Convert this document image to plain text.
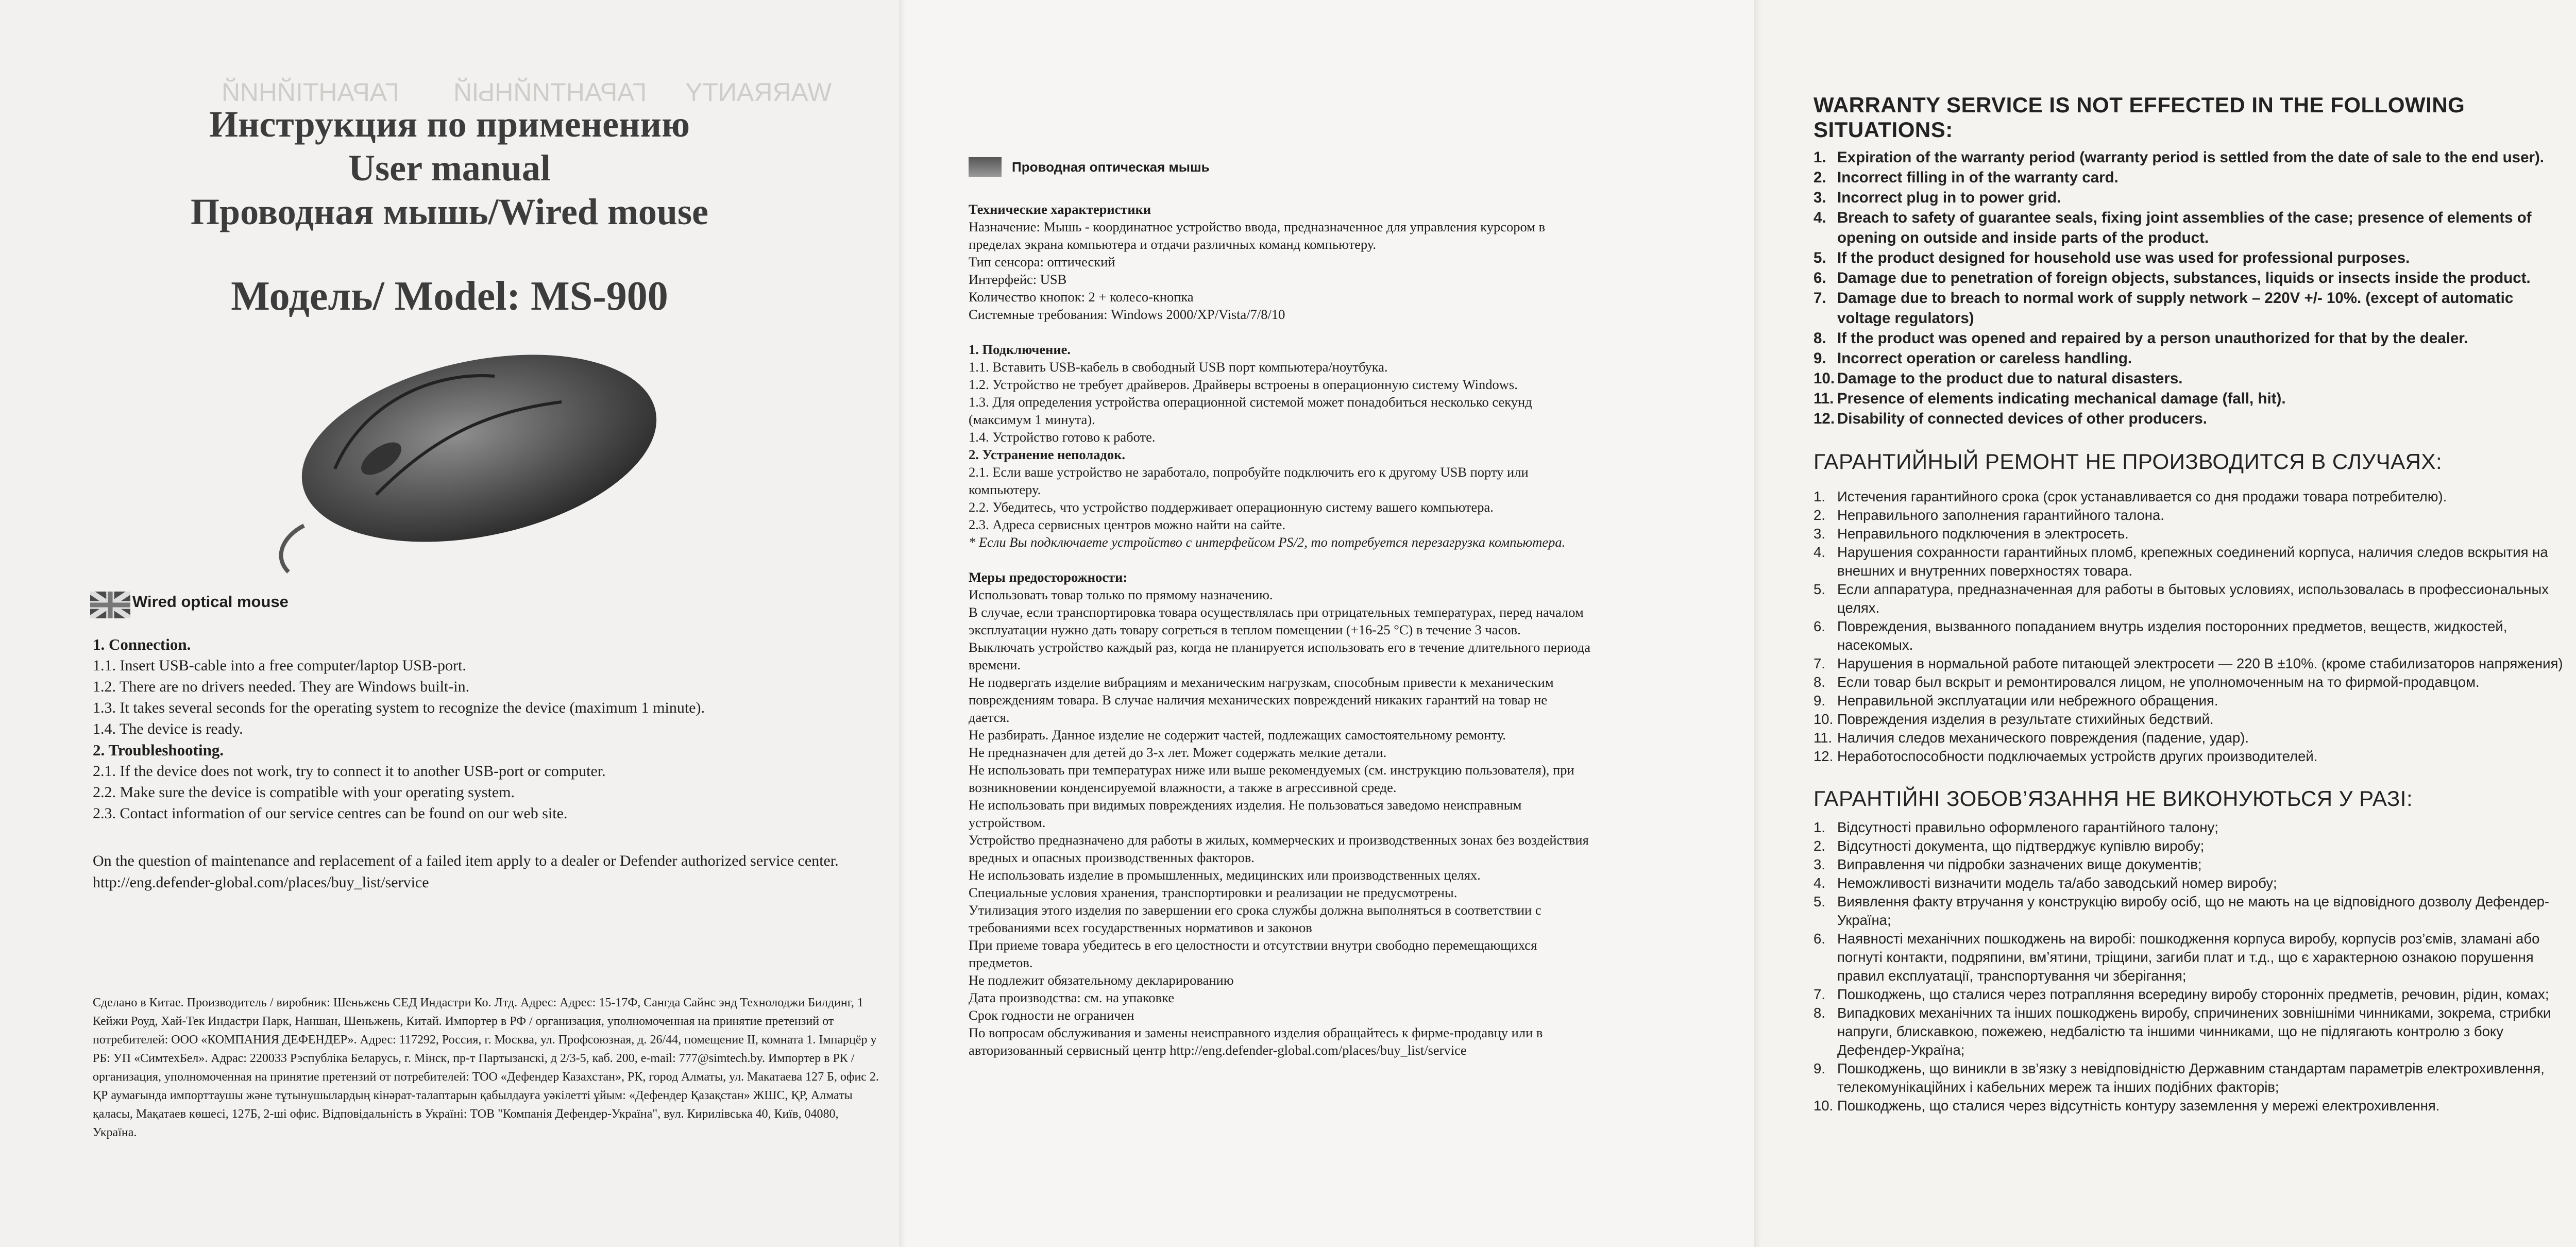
WARRANTY
ГАРАНТИЙНЫЙ
ГАРАНТІЙНИЙ
Инструкция по применению
User manual
Проводная мышь/Wired mouse
Модель/ Model: MS-900
Wired optical mouse
1. Connection.
1.1. Insert USB-cable into a free computer/laptop USB-port.
1.2. There are no drivers needed. They are Windows built-in.
1.3. It takes several seconds for the operating system to recognize the device (maximum 1 minute).
1.4. The device is ready.
2. Troubleshooting.
2.1. If the device does not work, try to connect it to another USB-port or computer.
2.2. Make sure the device is compatible with your operating system.
2.3. Contact information of our service centres can be found on our web site.
On the question of maintenance and replacement of a failed item apply to a dealer or Defender authorized service center. http://eng.defender-global.com/places/buy_list/service
Сделано в Китае. Производитель / виробник: Шеньжень СЕД Индастри Ко. Лтд. Адрес: Адрес: 15-17Ф, Сангда Сайнс энд Технолоджи Билдинг, 1 Кейжи Роуд, Хай-Тек Индастри Парк, Наншан, Шеньжень, Китай. Импортер в РФ / организация, уполномоченная на принятие претензий от потребителей: ООО «КОМПАНИЯ ДЕФЕНДЕР». Адрес: 117292, Россия, г. Москва, ул. Профсоюзная, д. 26/44, помещение II, комната 1. Імпарцёр у РБ: УП «СимтехБел». Адрас: 220033 Рэспубліка Беларусь, г. Мінск, пр-т Партызанскі, д 2/3-5, каб. 200, e-mail: 777@simtech.by. Импортер в РК / организация, уполномоченная на принятие претензий от потребителей: ТОО «Дефендер Казахстан», РК, город Алматы, ул. Макатаева 127 Б, офис 2. ҚР аумағында импорттаушы және тұтынушылардың кінәрат-талаптарын қабылдауға уәкілетті ұйым: «Дефендер Қазақстан» ЖШС, ҚР, Алматы қаласы, Мақатаев көшесі, 127Б, 2-ші офис. Відповідальність в Україні: ТОВ "Компанія Дефендер-Україна", вул. Кирилівська 40, Київ, 04080, Україна.
Проводная оптическая мышь
Технические характеристики
Назначение: Мышь - координатное устройство ввода, предназначенное для управления курсором в
пределах экрана компьютера и отдачи различных команд компьютеру.
Тип сенсора: оптический
Интерфейс: USB
Количество кнопок: 2 + колесо-кнопка
Системные требования: Windows 2000/XP/Vista/7/8/10
1. Подключение.
1.1. Вставить USB-кабель в свободный USB порт компьютера/ноутбука.
1.2. Устройство не требует драйверов. Драйверы встроены в операционную систему Windows.
1.3. Для определения устройства операционной системой может понадобиться несколько секунд
(максимум 1 минута).
1.4. Устройство готово к работе.
2. Устранение неполадок.
2.1. Если ваше устройство не заработало, попробуйте подключить его к другому USB порту или
компьютеру.
2.2. Убедитесь, что устройство поддерживает операционную систему вашего компьютера.
2.3. Адреса сервисных центров можно найти на сайте.
* Если Вы подключаете устройство с интерфейсом PS/2, то потребуется перезагрузка компьютера.
Меры предосторожности:
Использовать товар только по прямому назначению.
В случае, если транспортировка товара осуществлялась при отрицательных температурах, перед началом
эксплуатации нужно дать товару согреться в теплом помещении (+16-25 °С) в течение 3 часов.
Выключать устройство каждый раз, когда не планируется использовать его в течение длительного периода
времени.
Не подвергать изделие вибрациям и механическим нагрузкам, способным привести к механическим
повреждениям товара. В случае наличия механических повреждений никаких гарантий на товар не
дается.
Не разбирать. Данное изделие не содержит частей, подлежащих самостоятельному ремонту.
Не предназначен для детей до 3-х лет. Может содержать мелкие детали.
Не использовать при температурах ниже или выше рекомендуемых (см. инструкцию пользователя), при
возникновении конденсируемой влажности, а также в агрессивной среде.
Не использовать при видимых повреждениях изделия. Не пользоваться заведомо неисправным
устройством.
Устройство предназначено для работы в жилых, коммерческих и производственных зонах без воздействия
вредных и опасных производственных факторов.
Не использовать изделие в промышленных, медицинских или производственных целях.
Специальные условия хранения, транспортировки и реализации не предусмотрены.
Утилизация этого изделия по завершении его срока службы должна выполняться в соответствии с
требованиями всех государственных нормативов и законов
При приеме товара убедитесь в его целостности и отсутствии внутри свободно перемещающихся
предметов.
Не подлежит обязательному декларированию
Дата производства: см. на упаковке
Срок годности не ограничен
По вопросам обслуживания и замены неисправного изделия обращайтесь к фирме-продавцу или в
авторизованный сервисный центр http://eng.defender-global.com/places/buy_list/service
WARRANTY SERVICE IS NOT EFFECTED IN THE FOLLOWING SITUATIONS:
1. Expiration of the warranty period (warranty period is settled from the date of sale to the end user).
2. Incorrect filling in of the warranty card.
3. Incorrect plug in to power grid.
4. Breach to safety of guarantee seals, fixing joint assemblies of the case; presence of elements of opening on outside and inside parts of the product.
5. If the product designed for household use was used for professional purposes.
6. Damage due to penetration of foreign objects, substances, liquids or insects inside the product.
7. Damage due to breach to normal work of supply network – 220V +/- 10%. (except of automatic voltage regulators)
8. If the product was opened and repaired by a person unauthorized for that by the dealer.
9. Incorrect operation or careless handling.
10. Damage to the product due to natural disasters.
11. Presence of elements indicating mechanical damage (fall, hit).
12. Disability of connected devices of other producers.
ГАРАНТИЙНЫЙ РЕМОНТ НЕ ПРОИЗВОДИТСЯ В СЛУЧАЯХ:
1. Истечения гарантийного срока (срок устанавливается со дня продажи товара потребителю).
2. Неправильного заполнения гарантийного талона.
3. Неправильного подключения в электросеть.
4. Нарушения сохранности гарантийных пломб, крепежных соединений корпуса, наличия следов вскрытия на внешних и внутренних поверхностях товара.
5. Если аппаратура, предназначенная для работы в бытовых условиях, использовалась в профессиональных целях.
6. Повреждения, вызванного попаданием внутрь изделия посторонних предметов, веществ, жидкостей, насекомых.
7. Нарушения в нормальной работе питающей электросети — 220 В ±10%. (кроме стабилизаторов напряжения)
8. Если товар был вскрыт и ремонтировался лицом, не уполномоченным на то фирмой-продавцом.
9. Неправильной эксплуатации или небрежного обращения.
10. Повреждения изделия в результате стихийных бедствий.
11. Наличия следов механического повреждения (падение, удар).
12. Неработоспособности подключаемых устройств других производителей.
ГАРАНТІЙНІ ЗОБОВ’ЯЗАННЯ НЕ ВИКОНУЮТЬСЯ У РАЗІ:
1. Відсутності правильно оформленого гарантійного талону;
2. Відсутності документа, що підтверджує купівлю виробу;
3. Виправлення чи підробки зазначених вище документів;
4. Неможливості визначити модель та/або заводський номер виробу;
5. Виявлення факту втручання у конструкцію виробу осіб, що не мають на це відповідного дозволу Дефендер-Україна;
6. Наявності механічних пошкоджень на виробі: пошкодження корпуса виробу, корпусів роз’ємів, зламані або погнуті контакти, подряпини, вм’ятини, тріщини, загиби плат и т.д., що є характерною ознакою порушення правил експлуатації, транспортування чи зберігання;
7. Пошкоджень, що сталися через потрапляння всередину виробу сторонніх предметів, речовин, рідин, комах;
8. Випадкових механічних та інших пошкоджень виробу, спричинених зовнішніми чинниками, зокрема, стрибки напруги, блискавкою, пожежею, недбалістю та іншими чинниками, що не підлягають контролю з боку Дефендер-Україна;
9. Пошкоджень, що виникли в зв’язку з невідповідністю Державним стандартам параметрів електрохивлення, телекомунікаційних і кабельних мереж та інших подібних факторів;
10. Пошкоджень, що сталися через відсутність контуру заземлення у мережі електрохивлення.
